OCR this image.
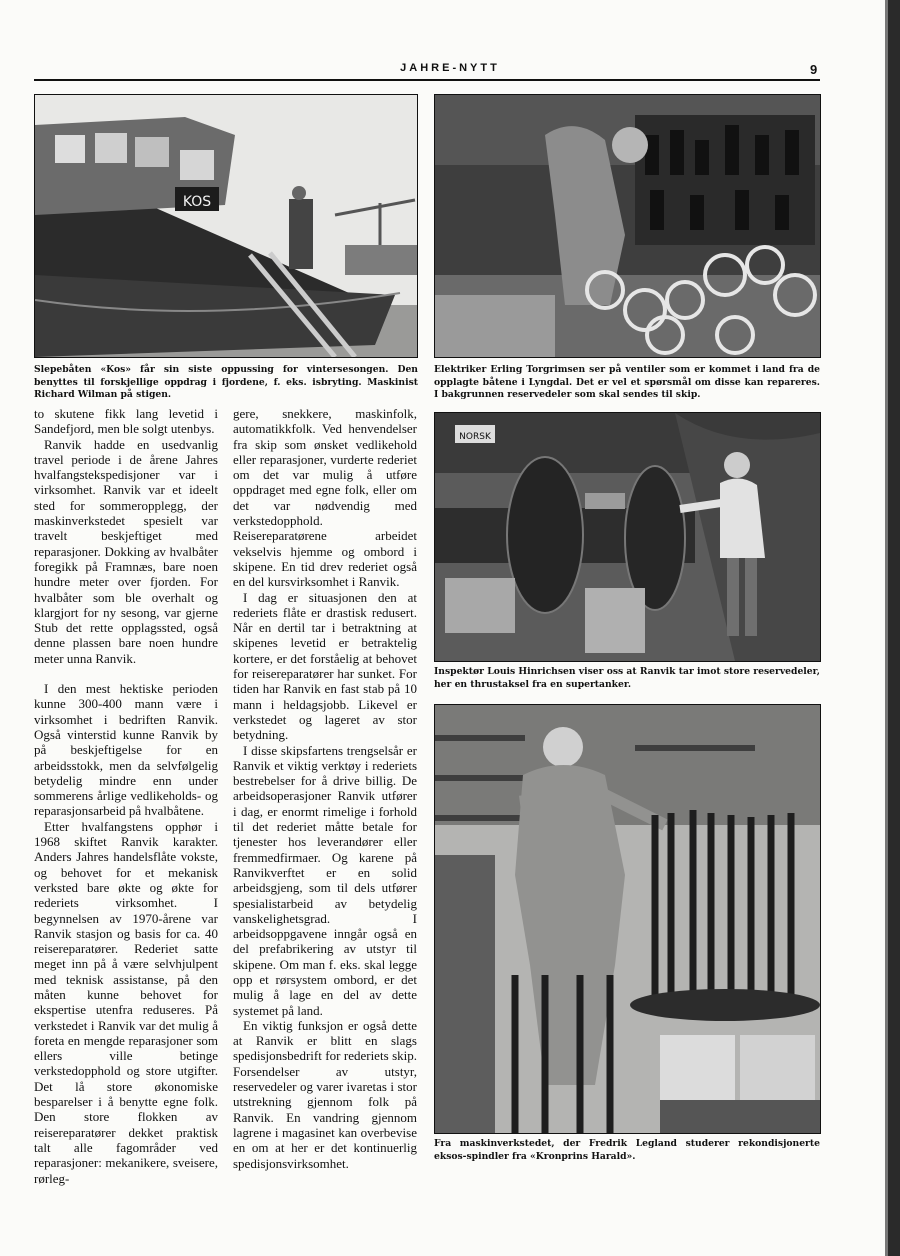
JAHRE-NYTT	9
KOS
Slepebåten «Kos» får sin siste oppussing for vintersesongen. Den benyttes til forskjellige oppdrag i fjordene, f. eks. isbryting. Maskinist Richard Wilman på stigen.
Elektriker Erling Torgrimsen ser på ventiler som er kommet i land fra de opplagte båtene i Lyngdal. Det er vel et spørsmål om disse kan repareres. I bakgrunnen reservedeler som skal sendes til skip.
NORSK
Inspektør Louis Hinrichsen viser oss at Ranvik tar imot store reservedeler, her en thrustaksel fra en supertanker.
Fra maskinverkstedet, der Fredrik Legland studerer rekondisjonerte eksos-spindler fra «Kronprins Harald».

to skutene fikk lang levetid i Sandefjord, men ble solgt utenbys.

Ranvik hadde en usedvanlig travel periode i de årene Jahres hvalfangstekspedisjoner var i virksomhet. Ranvik var et ideelt sted for sommeropplegg, der maskinverkstedet spesielt var travelt beskjeftiget med reparasjoner. Dokking av hvalbåter foregikk på Framnæs, bare noen hundre meter over fjorden. For hvalbåter som ble overhalt og klargjort for ny sesong, var gjerne Stub det rette opplagssted, også denne plassen bare noen hundre meter unna Ranvik.

I den mest hektiske perioden kunne 300-400 mann være i virksomhet i bedriften Ranvik. Også vinterstid kunne Ranvik by på beskjeftigelse for en arbeidsstokk, men da selvfølgelig betydelig mindre enn under sommerens årlige vedlikeholds- og reparasjonsarbeid på hvalbåtene.

Etter hvalfangstens opphør i 1968 skiftet Ranvik karakter. Anders Jahres handelsflåte vokste, og behovet for et mekanisk verksted bare økte og økte for rederiets virksomhet. I begynnelsen av 1970-årene var Ranvik stasjon og basis for ca. 40 reisereparatører. Rederiet satte meget inn på å være selvhjulpent med teknisk assistanse, på den måten kunne behovet for ekspertise utenfra reduseres. På verkstedet i Ranvik var det mulig å foreta en mengde reparasjoner som ellers ville betinge verkstedopphold og store utgifter. Det lå store økonomiske besparelser i å benytte egne folk. Den store flokken av reisereparatører dekket praktisk talt alle fagområder ved reparasjoner: mekanikere, sveisere, rørleg-

gere, snekkere, maskinfolk, automatikkfolk. Ved henvendelser fra skip som ønsket vedlikehold eller reparasjoner, vurderte rederiet om det var mulig å utføre oppdraget med egne folk, eller om det var nødvendig med verkstedopphold. Reisereparatørene arbeidet vekselvis hjemme og ombord i skipene. En tid drev rederiet også en del kursvirksomhet i Ranvik.

I dag er situasjonen den at rederiets flåte er drastisk redusert. Når en dertil tar i betraktning at skipenes levetid er betraktelig kortere, er det forståelig at behovet for reisereparatører har sunket. For tiden har Ranvik en fast stab på 10 mann i heldagsjobb. Likevel er verkstedet og lageret av stor betydning.

I disse skipsfartens trengselsår er Ranvik et viktig verktøy i rederiets bestrebelser for å drive billig. De arbeidsoperasjoner Ranvik utfører i dag, er enormt rimelige i forhold til det rederiet måtte betale for tjenester hos leverandører eller fremmedfirmaer. Og karene på Ranvikverftet er en solid arbeidsgjeng, som til dels utfører spesialistarbeid av betydelig vanskelighetsgrad. I arbeidsoppgavene inngår også en del prefabrikering av utstyr til skipene. Om man f. eks. skal legge opp et rørsystem ombord, er det mulig å lage en del av dette systemet på land.

En viktig funksjon er også dette at Ranvik er blitt en slags spedisjonsbedrift for rederiets skip. Forsendelser av utstyr, reservedeler og varer ivaretas i stor utstrekning gjennom folk på Ranvik. En vandring gjennom lagrene i magasinet kan overbevise en om at her er det kontinuerlig spedisjonsvirksomhet.
